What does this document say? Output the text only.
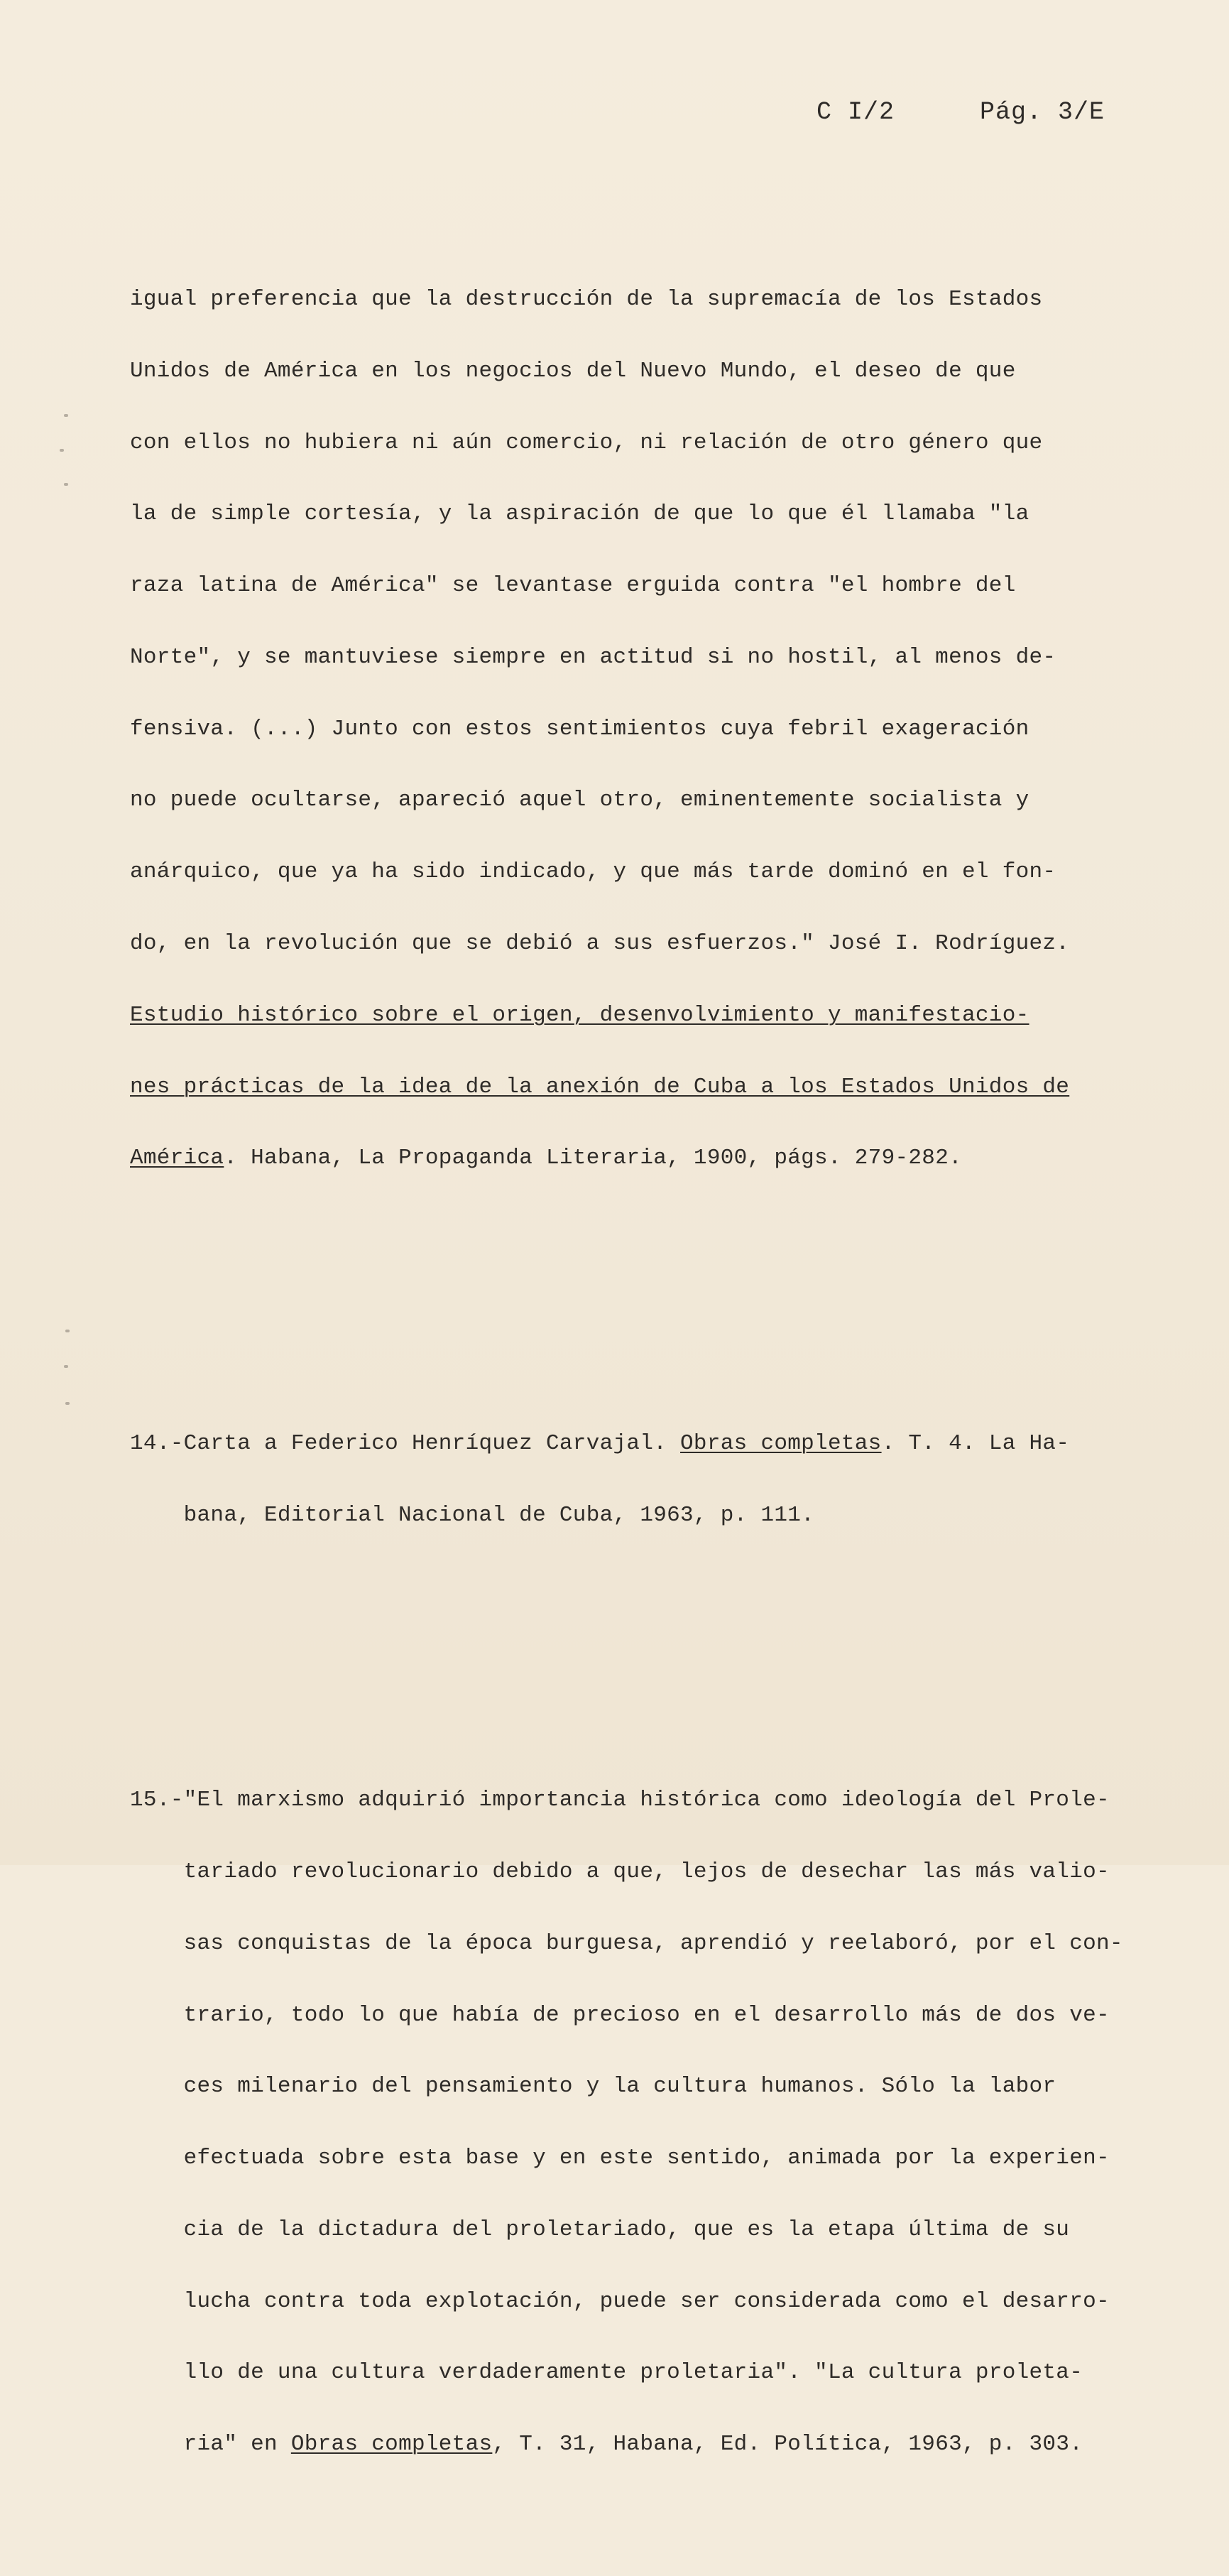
C I/2	Pág. 3/E

igual preferencia que la destrucción de la supremacía de los Estados

Unidos de América en los negocios del Nuevo Mundo, el deseo de que

con ellos no hubiera ni aún comercio, ni relación de otro género que

la de simple cortesía, y la aspiración de que lo que él llamaba "la

raza latina de América" se levantase erguida contra "el hombre del

Norte", y se mantuviese siempre en actitud si no hostil, al menos de-

fensiva. (...) Junto con estos sentimientos cuya febril exageración

no puede ocultarse, apareció aquel otro, eminentemente socialista y

anárquico, que ya ha sido indicado, y que más tarde dominó en el fon-

do, en la revolución que se debió a sus esfuerzos." José I. Rodríguez.

Estudio histórico sobre el origen, desenvolvimiento y manifestacio-

nes prácticas de la idea de la anexión de Cuba a los Estados Unidos de

América. Habana, La Propaganda Literaria, 1900, págs. 279-282.

14.-Carta a Federico Henríquez Carvajal. Obras completas. T. 4. La Ha-

bana, Editorial Nacional de Cuba, 1963, p. 111.

15.-"El marxismo adquirió importancia histórica como ideología del Prole-

tariado revolucionario debido a que, lejos de desechar las más valio-

sas conquistas de la época burguesa, aprendió y reelaboró, por el con-

trario, todo lo que había de precioso en el desarrollo más de dos ve-

ces milenario del pensamiento y la cultura humanos. Sólo la labor

efectuada sobre esta base y en este sentido, animada por la experien-

cia de la dictadura del proletariado, que es la etapa última de su

lucha contra toda explotación, puede ser considerada como el desarro-

llo de una cultura verdaderamente proletaria". "La cultura proleta-

ria" en Obras completas, T. 31, Habana, Ed. Política, 1963, p. 303.
